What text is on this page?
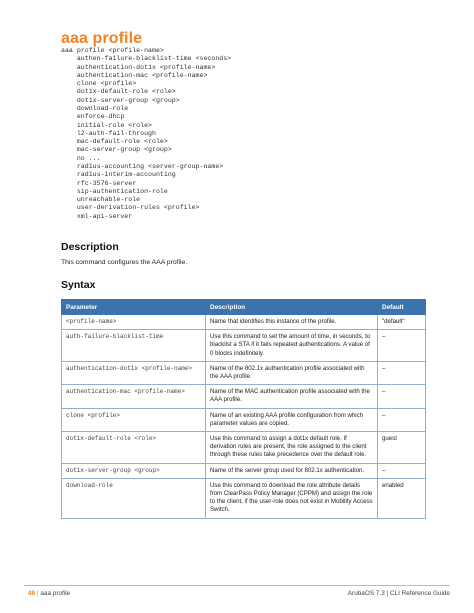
aaa profile
aaa profile <profile-name>
authen-failure-blacklist-time <seconds>
authentication-dot1x <profile-name>
authentication-mac <profile-name>
clone <profile>
dot1x-default-role <role>
dot1x-server-group <group>
download-role
enforce-dhcp
initial-role <role>
l2-auth-fail-through
mac-default-role <role>
mac-server-group <group>
no ...
radius-accounting <server-group-name>
radius-interim-accounting
rfc-3576-server
sip-authentication-role
unreachable-role
user-derivation-rules <profile>
xml-api-server
Description
This command configures the AAA profile.
Syntax
Parameter	Description	Default
<profile-name>	Name that identifies this instance of the profile.	"default"
auth-failure-blacklist-time	Use this command to set the amount of time, in seconds, to blacklist a STA if it fails repeated authentications. A value of 0 blocks indefinitely.	–
authentication-dot1x <profile-name>	Name of the 802.1x authentication profile associated with the AAA profile.	–
authentication-mac <profile-name>	Name of the MAC authentication profile associated with the AAA profile.	–
clone <profile>	Name of an existing AAA profile configuration from which parameter values are copied.	–
dot1x-default-role <role>	Use this command to assign a dot1x default role. If derivation rules are present, the role assigned to the client through these rules take precedence over the default role.	guest
dot1x-server-group <group>	Name of the server group used for 802.1x authentication.	–
download-role	Use this command to download the role attribute details from ClearPass Policy Manager (CPPM) and assign the role to the client, if the user-role does not exist in Mobility Access Switch.	enabled
48 | aaa profile	ArubaOS 7.3 | CLI Reference Guide
